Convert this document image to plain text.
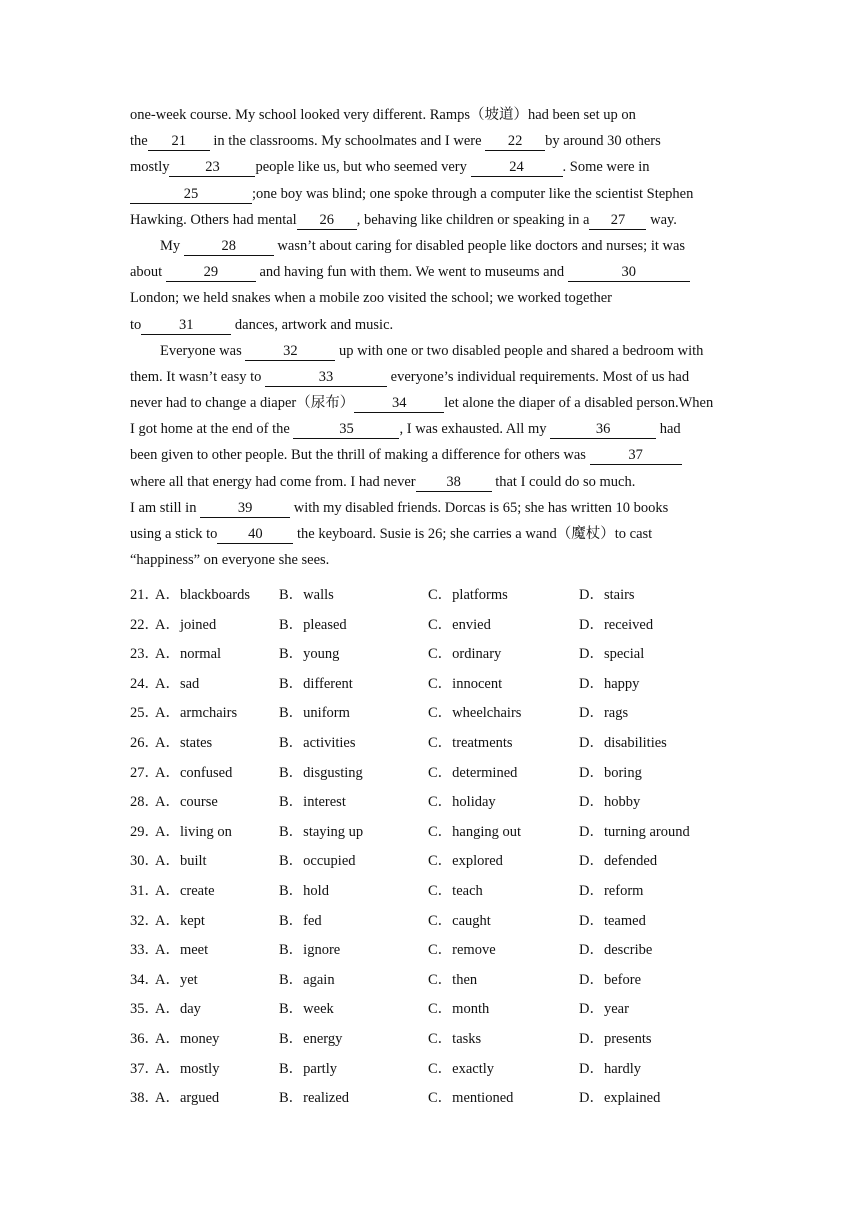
one-week course. My school looked very different. Ramps（坡道）had been set up on
the 21 in the classrooms. My schoolmates and I were 22 by around 30 others
mostly 23 people like us, but who seemed very	24	. Some were in
25	;one boy was blind; one spoke through a computer like the scientist Stephen
Hawking. Others had mental 26 , behaving like children or speaking in a 27 way.
My	28	wasn’t about caring for disabled people like doctors and nurses; it was
about	29	and having fun with them. We went to museums and	30
London; we held snakes when a mobile zoo visited the school; we worked together
to	31	dances, artwork and music.
Everyone was	32	up with one or two disabled people and shared a bedroom with
them. It wasn’t easy to	33	everyone’s individual requirements. Most of us had
never had to change a diaper（尿布）	34	let alone the diaper of a disabled person.When
I got home at the end of the	35	, I was exhausted. All my	36	had
been given to other people. But the thrill of making a difference for others was	37
where all that energy had come from. I had never 38 that I could do so much.
I am still in	39	with my disabled friends. Dorcas is 65; she has written 10 books
using a stick to 40 the keyboard. Susie is 26; she carries a wand（魔杖）to cast
“happiness” on everyone she sees.
21．
A．blackboards B．walls	C．platforms	D．stairs
22．
A．joined	B．pleased	C．envied	D．received
23．
A．normal	B．young	C．ordinary	D．special
24．
A．sad	B．different	C．innocent	D．happy
25．
A．armchairs	B．uniform	C．wheelchairs	D．rags
26．
A．states	B．activities	C．treatments	D．disabilities
27．
A．confused	B．disgusting	C．determined	D．boring
28．
A．course	B．interest	C．holiday	D．hobby
29．
A．living on	B．staying up	C．hanging out	D．turning around
30．
A．built	B．occupied	C．explored	D．defended
31．
A．create	B．hold	C．teach	D．reform
32．
A．kept	B．fed	C．caught	D．teamed
33．
A．meet	B．ignore	C．remove	D．describe
34．
A．yet	B．again	C．then	D．before
35．
A．day	B．week	C．month	D．year
36．
A．money	B．energy	C．tasks	D．presents
37．
A．mostly	B．partly	C．exactly	D．hardly
38．
A．argued	B．realized	C．mentioned	D．explained
